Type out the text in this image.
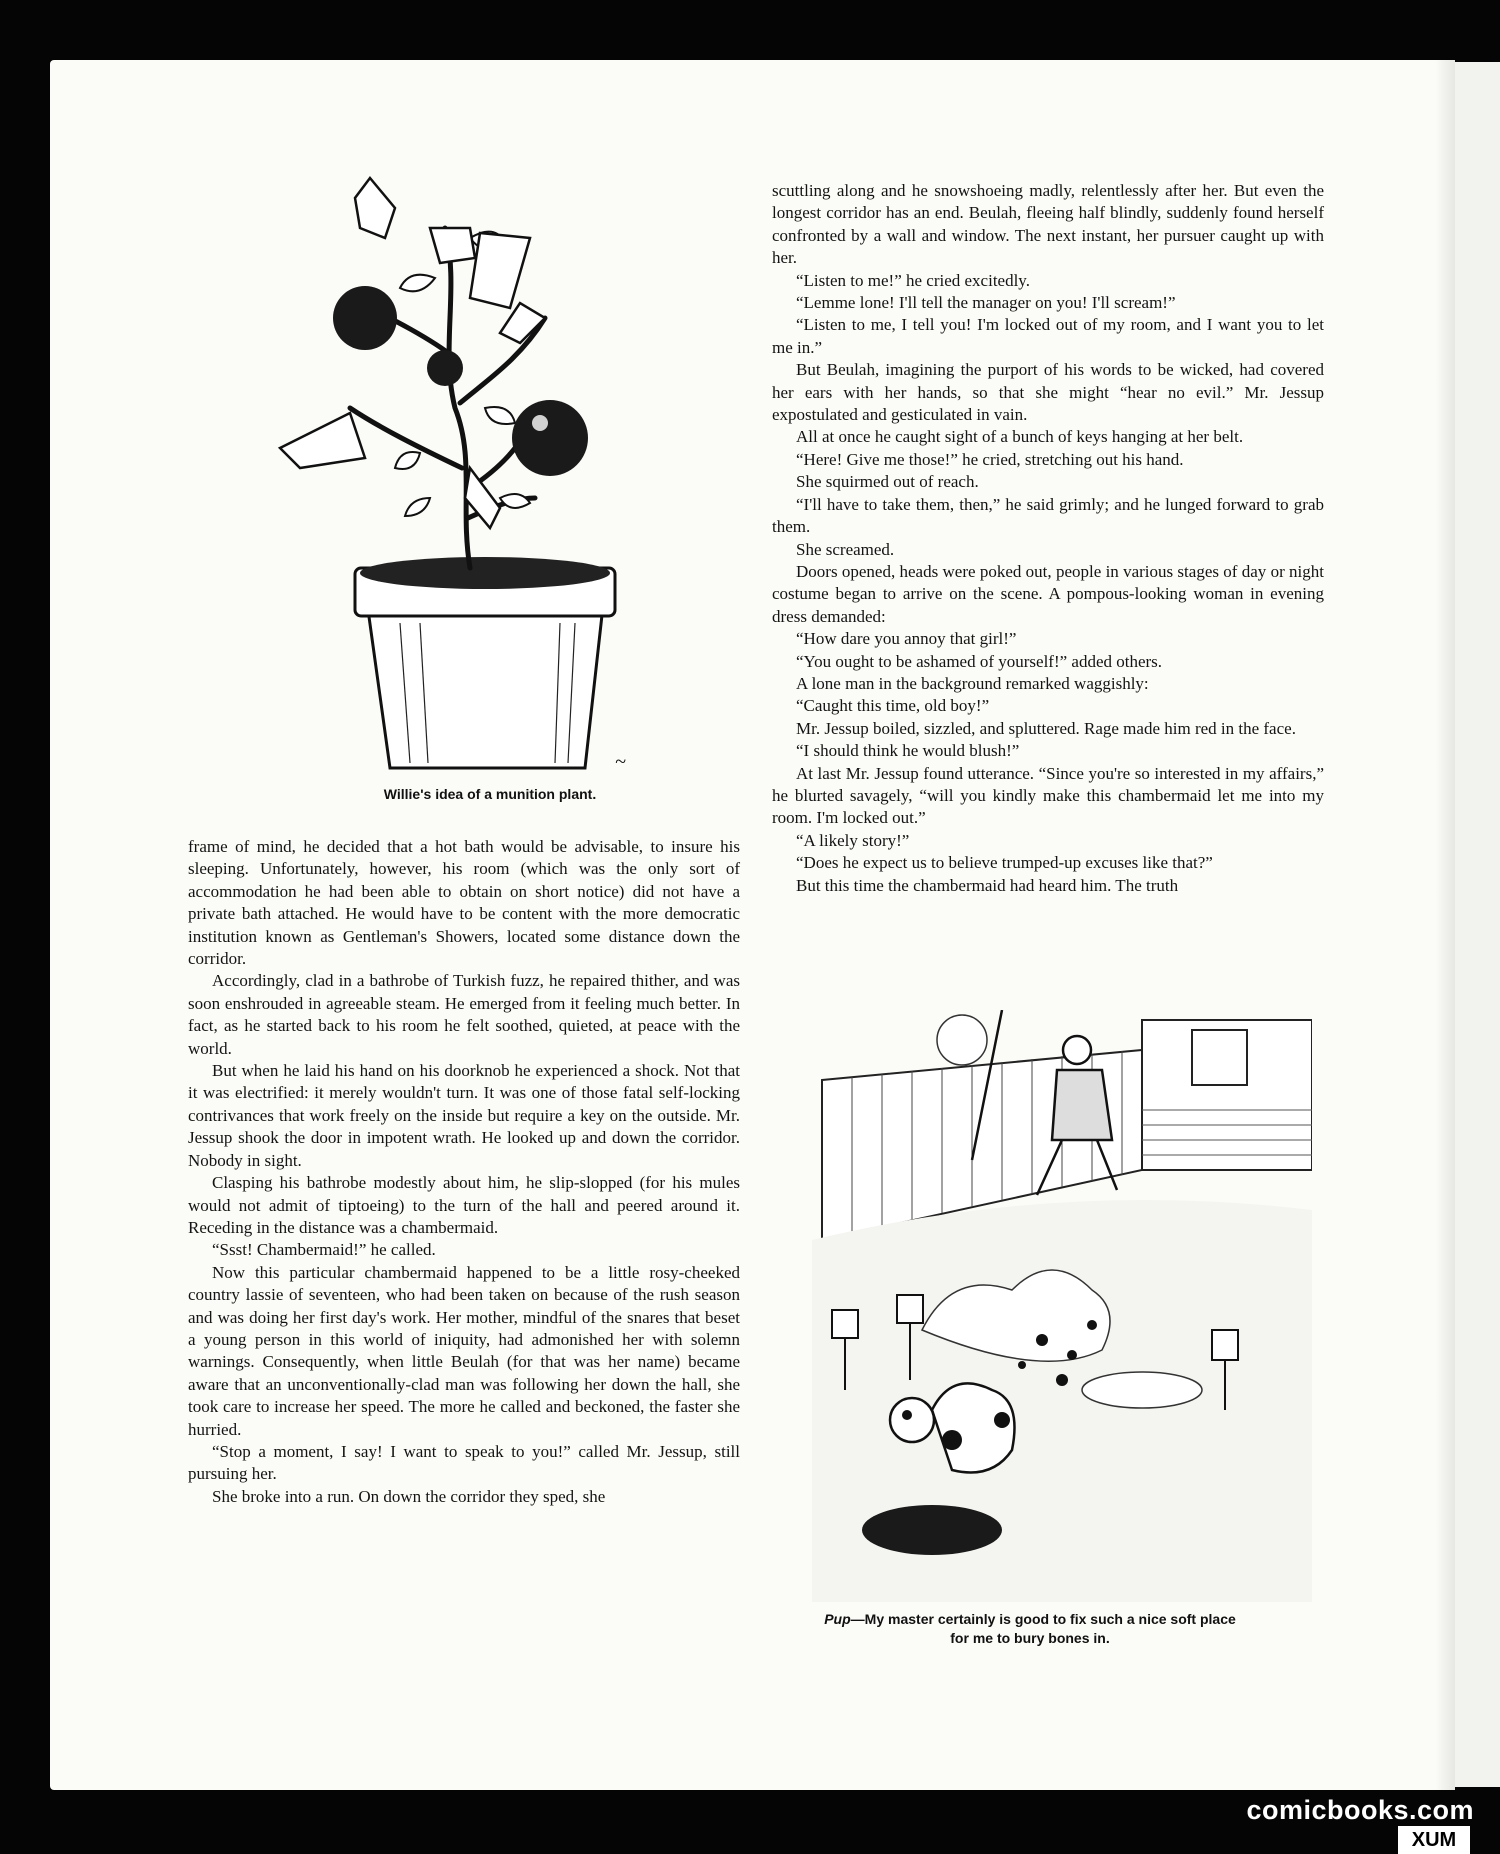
~
Willie's idea of a munition plant.

frame of mind, he decided that a hot bath would be advisable, to insure his sleeping. Unfortunately, however, his room (which was the only sort of accommodation he had been able to obtain on short notice) did not have a private bath attached. He would have to be content with the more democratic institution known as Gentleman's Showers, located some distance down the corridor.

Accordingly, clad in a bathrobe of Turkish fuzz, he repaired thither, and was soon enshrouded in agreeable steam. He emerged from it feeling much better. In fact, as he started back to his room he felt soothed, quieted, at peace with the world.

But when he laid his hand on his doorknob he experienced a shock. Not that it was electrified: it merely wouldn't turn. It was one of those fatal self-locking contrivances that work freely on the inside but require a key on the outside. Mr. Jessup shook the door in impotent wrath. He looked up and down the corridor. Nobody in sight.

Clasping his bathrobe modestly about him, he slip-slopped (for his mules would not admit of tiptoeing) to the turn of the hall and peered around it. Receding in the distance was a chambermaid.

“Ssst! Chambermaid!” he called.

Now this particular chambermaid happened to be a little rosy-cheeked country lassie of seventeen, who had been taken on because of the rush season and was doing her first day's work. Her mother, mindful of the snares that beset a young person in this world of iniquity, had admonished her with solemn warnings. Consequently, when little Beulah (for that was her name) became aware that an unconventionally-clad man was following her down the hall, she took care to increase her speed. The more he called and beckoned, the faster she hurried.

“Stop a moment, I say! I want to speak to you!” called Mr. Jessup, still pursuing her.

She broke into a run. On down the corridor they sped, she

scuttling along and he snowshoeing madly, relentlessly after her. But even the longest corridor has an end. Beulah, fleeing half blindly, suddenly found herself confronted by a wall and window. The next instant, her pursuer caught up with her.

“Listen to me!” he cried excitedly.

“Lemme lone! I'll tell the manager on you! I'll scream!”

“Listen to me, I tell you! I'm locked out of my room, and I want you to let me in.”

But Beulah, imagining the purport of his words to be wicked, had covered her ears with her hands, so that she might “hear no evil.” Mr. Jessup expostulated and gesticulated in vain.

All at once he caught sight of a bunch of keys hanging at her belt.

“Here! Give me those!” he cried, stretching out his hand.

She squirmed out of reach.

“I'll have to take them, then,” he said grimly; and he lunged forward to grab them.

She screamed.

Doors opened, heads were poked out, people in various stages of day or night costume began to arrive on the scene. A pompous-looking woman in evening dress demanded:

“How dare you annoy that girl!”

“You ought to be ashamed of yourself!” added others.

A lone man in the background remarked waggishly:

“Caught this time, old boy!”

Mr. Jessup boiled, sizzled, and spluttered. Rage made him red in the face.

“I should think he would blush!”

At last Mr. Jessup found utterance. “Since you're so interested in my affairs,” he blurted savagely, “will you kindly make this chambermaid let me into my room. I'm locked out.”

“A likely story!”

“Does he expect us to believe trumped-up excuses like that?”

But this time the chambermaid had heard him. The truth

Pup—My master certainly is good to fix such a nice soft place for me to bury bones in.
comicbooks.com
XUM
